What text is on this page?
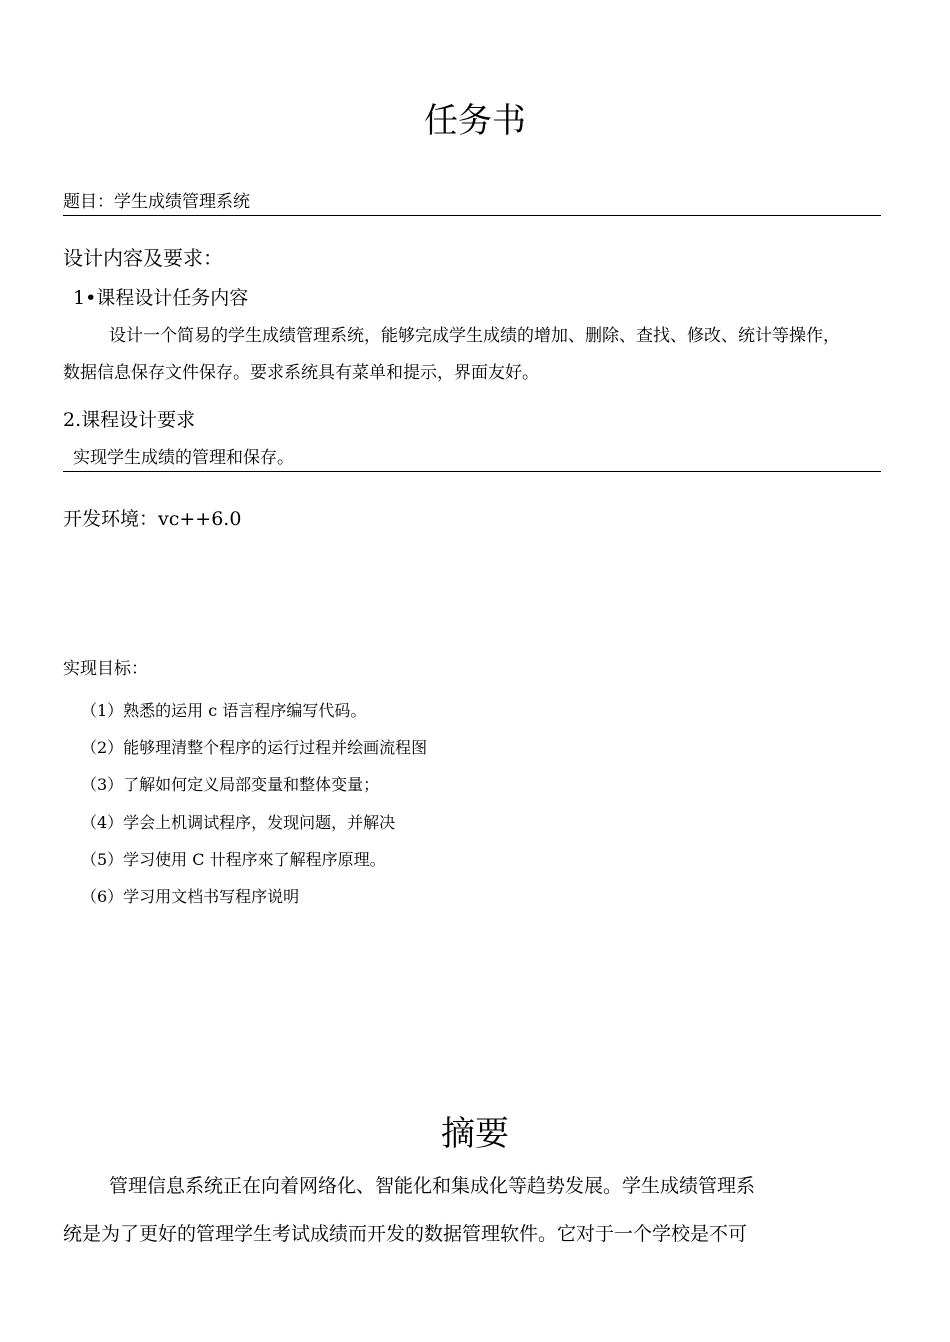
任务书
题目：学生成绩管理系统
设计内容及要求：
1•课程设计任务内容
设计一个简易的学生成绩管理系统，能够完成学生成绩的增加、删除、查找、修改、统计等操作，
数据信息保存文件保存。要求系统具有菜单和提示，界面友好。
2.课程设计要求
实现学生成绩的管理和保存。
开发环境：vc++6.0
实现目标：
（1）熟悉的运用 c 语言程序编写代码。
（2）能够理清整个程序的运行过程并绘画流程图
（3）了解如何定义局部变量和整体变量；
（4）学会上机调试程序，发现问题，并解决
（5）学习使用 C 卄程序來了解程序原理。
（6）学习用文档书写程序说明
摘要
管理信息系统正在向着网络化、智能化和集成化等趋势发展。学生成绩管理系
统是为了更好的管理学生考试成绩而开发的数据管理软件。它对于一个学校是不可
